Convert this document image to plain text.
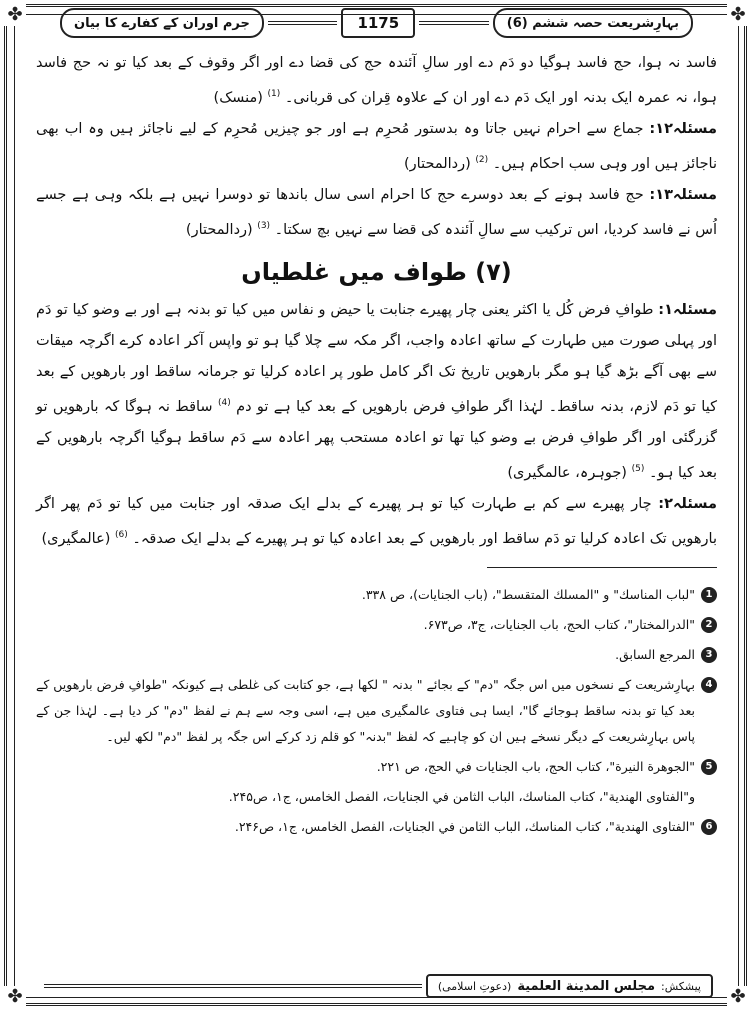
✤	✤
✤	✤
بہارِشریعت حصہ ششم (6)
1175
جرم اوران کے کفارے کا بیان

فاسد نہ ہوا، حج فاسد ہوگیا دو دَم دے اور سالِ آئندہ حج کی قضا دے اور اگر وقوف کے بعد کیا تو نہ حج فاسد ہوا، نہ عمرہ ایک بدنہ اور ایک دَم دے اور ان کے علاوہ قِران کی قربانی۔ $^{(1)}$ (منسک)

مسئلہ۱۲: جماع سے احرام نہیں جاتا وہ بدستور مُحرِم ہے اور جو چیزیں مُحرِم کے لیے ناجائز ہیں وہ اب بھی ناجائز ہیں اور وہی سب احکام ہیں۔ $^{(2)}$ (ردالمحتار)

مسئلہ۱۳: حج فاسد ہونے کے بعد دوسرے حج کا احرام اسی سال باندھا تو دوسرا نہیں ہے بلکہ وہی ہے جسے اُس نے فاسد کردیا، اس ترکیب سے سالِ آئندہ کی قضا سے نہیں بچ سکتا۔ $^{(3)}$ (ردالمحتار)

(۷) طواف میں غلطیاں

مسئلہ۱: طوافِ فرض کُل یا اکثر یعنی چار پھیرے جنابت یا حیض و نفاس میں کیا تو بدنہ ہے اور بے وضو کیا تو دَم اور پہلی صورت میں طہارت کے ساتھ اعادہ واجب، اگر مکہ سے چلا گیا ہو تو واپس آکر اعادہ کرے اگرچہ میقات سے بھی آگے بڑھ گیا ہو مگر بارھویں تاریخ تک اگر کامل طور پر اعادہ کرلیا تو جرمانہ ساقط اور بارھویں کے بعد کیا تو دَم لازم، بدنہ ساقط۔ لہٰذا اگر طوافِ فرض بارھویں کے بعد کیا ہے تو دم $^{(4)}$ ساقط نہ ہوگا کہ بارھویں تو گزرگئی اور اگر طوافِ فرض بے وضو کیا تھا تو اعادہ مستحب پھر اعادہ سے دَم ساقط ہوگیا اگرچہ بارھویں کے بعد کیا ہو۔ $^{(5)}$ (جوہرہ، عالمگیری)

مسئلہ۲: چار پھیرے سے کم بے طہارت کیا تو ہر پھیرے کے بدلے ایک صدقہ اور جنابت میں کیا تو دَم پھر اگر بارھویں تک اعادہ کرلیا تو دَم ساقط اور بارھویں کے بعد اعادہ کیا تو ہر پھیرے کے بدلے ایک صدقہ۔ $^{(6)}$ (عالمگیری)

1
"لباب المناسك" و "المسلك المتقسط"، (باب الجنايات)، ص ۳۳۸.
2
"الدرالمختار"، كتاب الحج، باب الجنايات، ج۳، ص۶۷۳.
3
المرجع السابق.
4
بہارِشریعت کے نسخوں میں اس جگہ "دم" کے بجائے " بدنہ " لکھا ہے، جو کتابت کی غلطی ہے کیونکہ "طوافِ فرض بارھویں کے بعد کیا تو بدنہ ساقط ہوجائے گا"، ایسا ہی فتاوی عالمگیری میں ہے، اسی وجہ سے ہم نے لفظ "دم" کر دیا ہے۔ لہٰذا جن کے پاس بہارِشریعت کے دیگر نسخے ہیں ان کو چاہیے کہ لفظ "بدنہ" کو قلم زد کرکے اس جگہ پر لفظ "دم" لکھ لیں۔
5
"الجوهرة النيرة"، كتاب الحج، باب الجنايات في الحج، ص ۲۲۱.
و"الفتاوى الهندية"، كتاب المناسك، الباب الثامن في الجنايات، الفصل الخامس، ج۱، ص۲۴۵.
6
"الفتاوى الهندية"، كتاب المناسك، الباب الثامن في الجنايات، الفصل الخامس، ج۱، ص۲۴۶.
پیشکش:
مجلس المدينة العلمية
(دعوتِ اسلامی)
